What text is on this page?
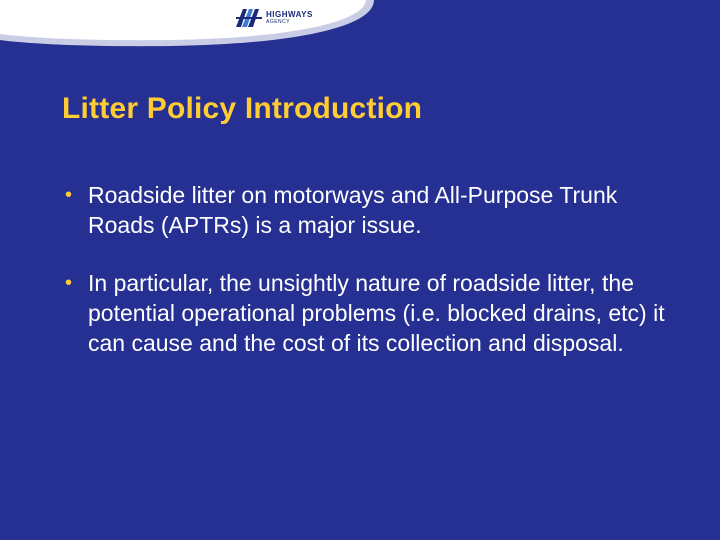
HIGHWAYS
AGENCY
Litter Policy Introduction
• Roadside litter on motorways and All-Purpose Trunk Roads (APTRs) is a major issue.
• In particular, the unsightly nature of roadside litter, the potential operational problems (i.e. blocked drains, etc) it can cause and the cost of its collection and disposal.
